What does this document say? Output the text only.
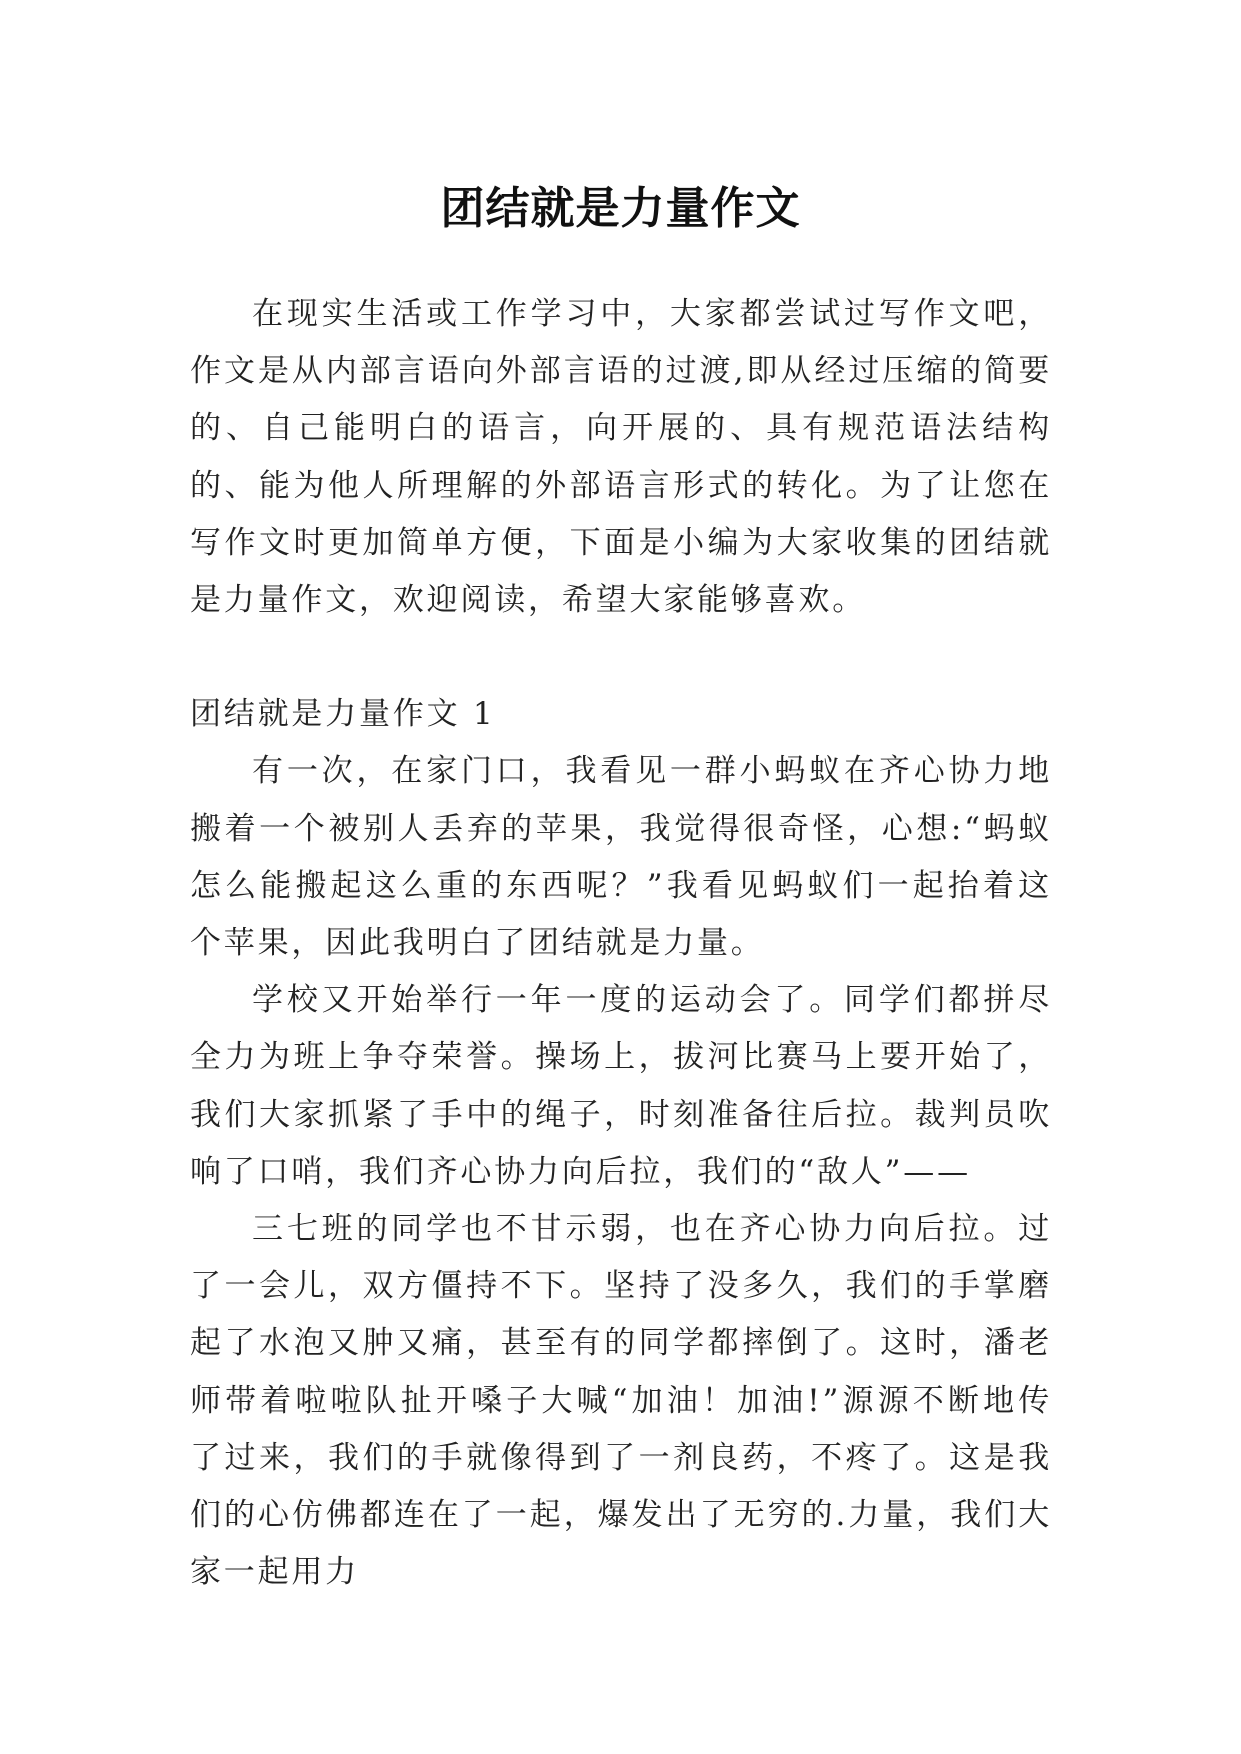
团结就是力量作文

在现实生活或工作学习中，大家都尝试过写作文吧，作文是从内部言语向外部言语的过渡,即从经过压缩的简要的、自己能明白的语言，向开展的、具有规范语法结构的、能为他人所理解的外部语言形式的转化。为了让您在写作文时更加简单方便，下面是小编为大家收集的团结就是力量作文，欢迎阅读，希望大家能够喜欢。

团结就是力量作文 1

有一次，在家门口，我看见一群小蚂蚁在齐心协力地搬着一个被别人丢弃的苹果，我觉得很奇怪，心想:“蚂蚁怎么能搬起这么重的东西呢？”我看见蚂蚁们一起抬着这个苹果，因此我明白了团结就是力量。

学校又开始举行一年一度的运动会了。同学们都拼尽全力为班上争夺荣誉。操场上，拔河比赛马上要开始了，我们大家抓紧了手中的绳子，时刻准备往后拉。裁判员吹响了口哨，我们齐心协力向后拉，我们的“敌人”——

三七班的同学也不甘示弱，也在齐心协力向后拉。过了一会儿，双方僵持不下。坚持了没多久，我们的手掌磨起了水泡又肿又痛，甚至有的同学都摔倒了。这时，潘老师带着啦啦队扯开嗓子大喊“加油！加油!”源源不断地传了过来，我们的手就像得到了一剂良药，不疼了。这是我们的心仿佛都连在了一起，爆发出了无穷的.力量，我们大家一起用力
